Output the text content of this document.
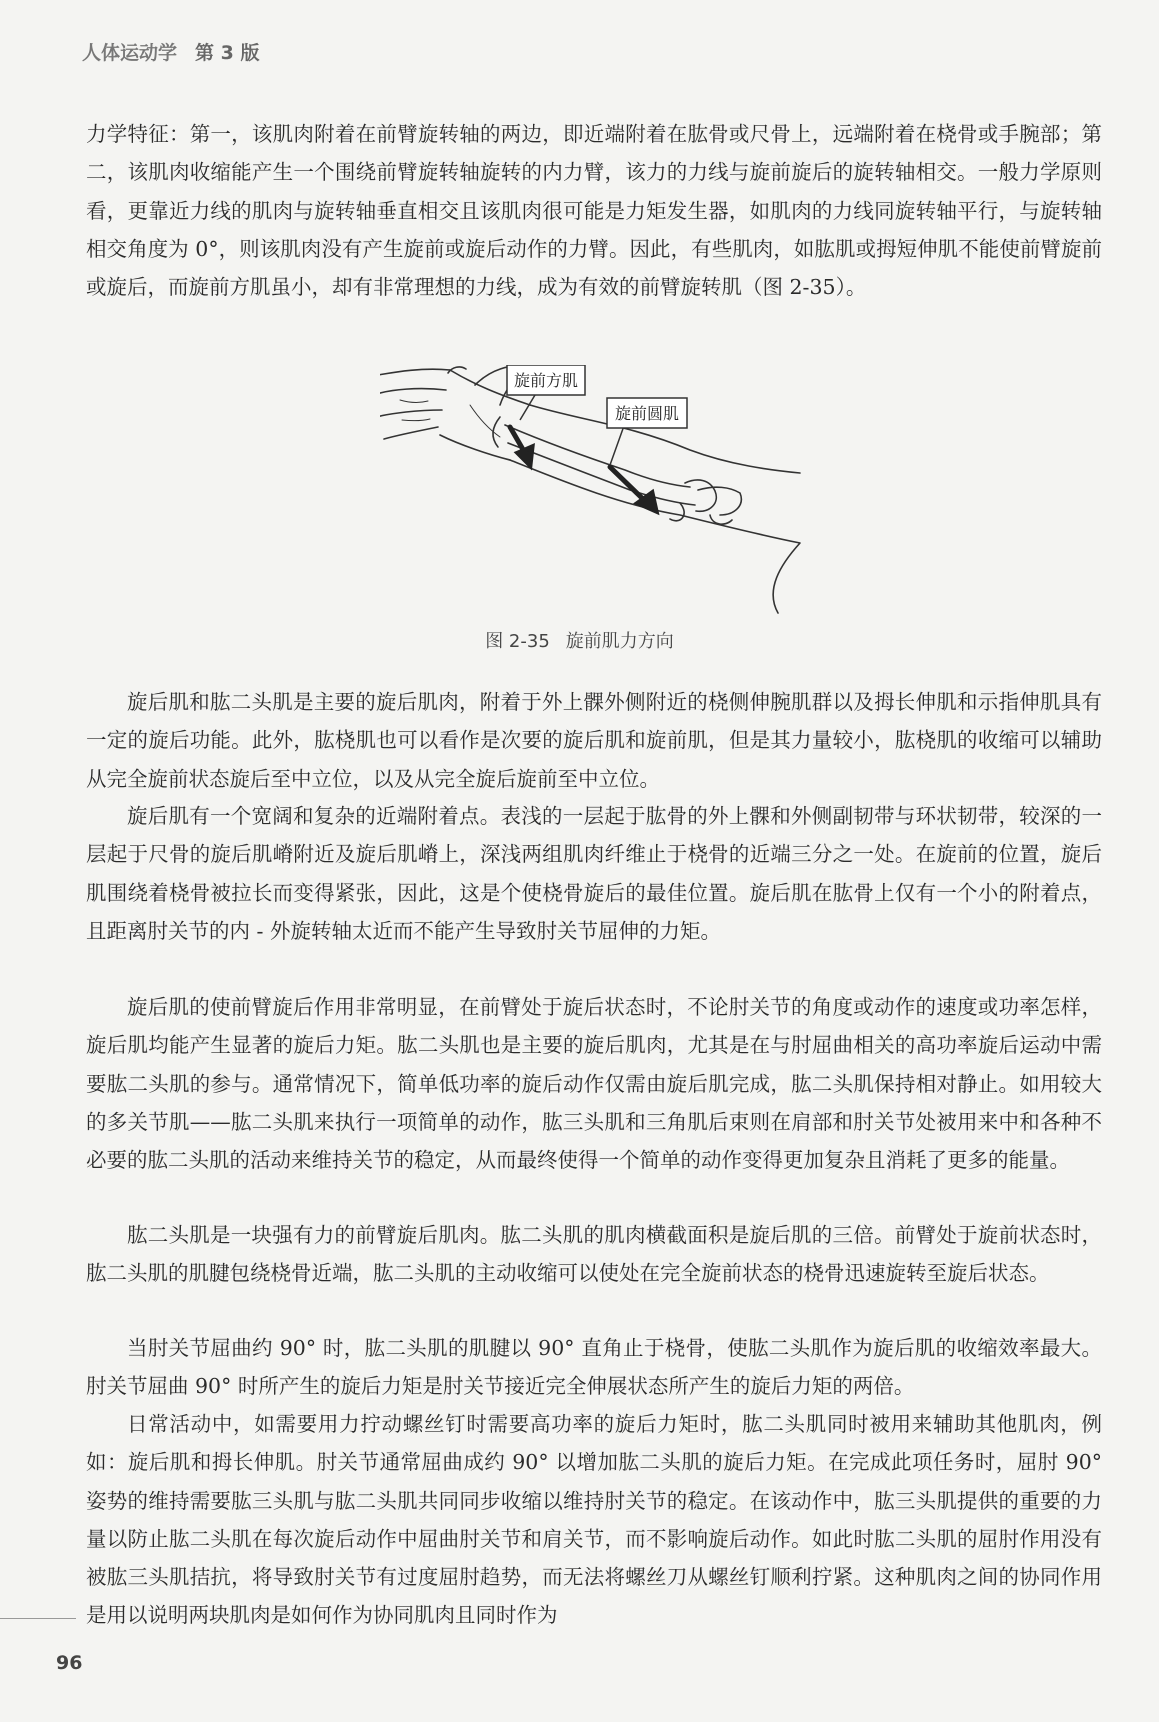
人体运动学 第 3 版

力学特征：第一，该肌肉附着在前臂旋转轴的两边，即近端附着在肱骨或尺骨上，远端附着在桡骨或手腕部；第二，该肌肉收缩能产生一个围绕前臂旋转轴旋转的内力臂，该力的力线与旋前旋后的旋转轴相交。一般力学原则看，更靠近力线的肌肉与旋转轴垂直相交且该肌肉很可能是力矩发生器，如肌肉的力线同旋转轴平行，与旋转轴相交角度为 0°，则该肌肉没有产生旋前或旋后动作的力臂。因此，有些肌肉，如肱肌或拇短伸肌不能使前臂旋前或旋后，而旋前方肌虽小，却有非常理想的力线，成为有效的前臂旋转肌（图 2-35）。

旋前方肌
旋前圆肌
图 2-35 旋前肌力方向

旋后肌和肱二头肌是主要的旋后肌肉，附着于外上髁外侧附近的桡侧伸腕肌群以及拇长伸肌和示指伸肌具有一定的旋后功能。此外，肱桡肌也可以看作是次要的旋后肌和旋前肌，但是其力量较小，肱桡肌的收缩可以辅助从完全旋前状态旋后至中立位，以及从完全旋后旋前至中立位。

旋后肌有一个宽阔和复杂的近端附着点。表浅的一层起于肱骨的外上髁和外侧副韧带与环状韧带，较深的一层起于尺骨的旋后肌嵴附近及旋后肌嵴上，深浅两组肌肉纤维止于桡骨的近端三分之一处。在旋前的位置，旋后肌围绕着桡骨被拉长而变得紧张，因此，这是个使桡骨旋后的最佳位置。旋后肌在肱骨上仅有一个小的附着点，且距离肘关节的内 - 外旋转轴太近而不能产生导致肘关节屈伸的力矩。

旋后肌的使前臂旋后作用非常明显，在前臂处于旋后状态时，不论肘关节的角度或动作的速度或功率怎样，旋后肌均能产生显著的旋后力矩。肱二头肌也是主要的旋后肌肉，尤其是在与肘屈曲相关的高功率旋后运动中需要肱二头肌的参与。通常情况下，简单低功率的旋后动作仅需由旋后肌完成，肱二头肌保持相对静止。如用较大的多关节肌——肱二头肌来执行一项简单的动作，肱三头肌和三角肌后束则在肩部和肘关节处被用来中和各种不必要的肱二头肌的活动来维持关节的稳定，从而最终使得一个简单的动作变得更加复杂且消耗了更多的能量。

肱二头肌是一块强有力的前臂旋后肌肉。肱二头肌的肌肉横截面积是旋后肌的三倍。前臂处于旋前状态时，肱二头肌的肌腱包绕桡骨近端，肱二头肌的主动收缩可以使处在完全旋前状态的桡骨迅速旋转至旋后状态。

当肘关节屈曲约 90° 时，肱二头肌的肌腱以 90° 直角止于桡骨，使肱二头肌作为旋后肌的收缩效率最大。肘关节屈曲 90° 时所产生的旋后力矩是肘关节接近完全伸展状态所产生的旋后力矩的两倍。

日常活动中，如需要用力拧动螺丝钉时需要高功率的旋后力矩时，肱二头肌同时被用来辅助其他肌肉，例如：旋后肌和拇长伸肌。肘关节通常屈曲成约 90° 以增加肱二头肌的旋后力矩。在完成此项任务时，屈肘 90° 姿势的维持需要肱三头肌与肱二头肌共同同步收缩以维持肘关节的稳定。在该动作中，肱三头肌提供的重要的力量以防止肱二头肌在每次旋后动作中屈曲肘关节和肩关节，而不影响旋后动作。如此时肱二头肌的屈肘作用没有被肱三头肌拮抗，将导致肘关节有过度屈肘趋势，而无法将螺丝刀从螺丝钉顺利拧紧。这种肌肉之间的协同作用是用以说明两块肌肉是如何作为协同肌肉且同时作为

96
